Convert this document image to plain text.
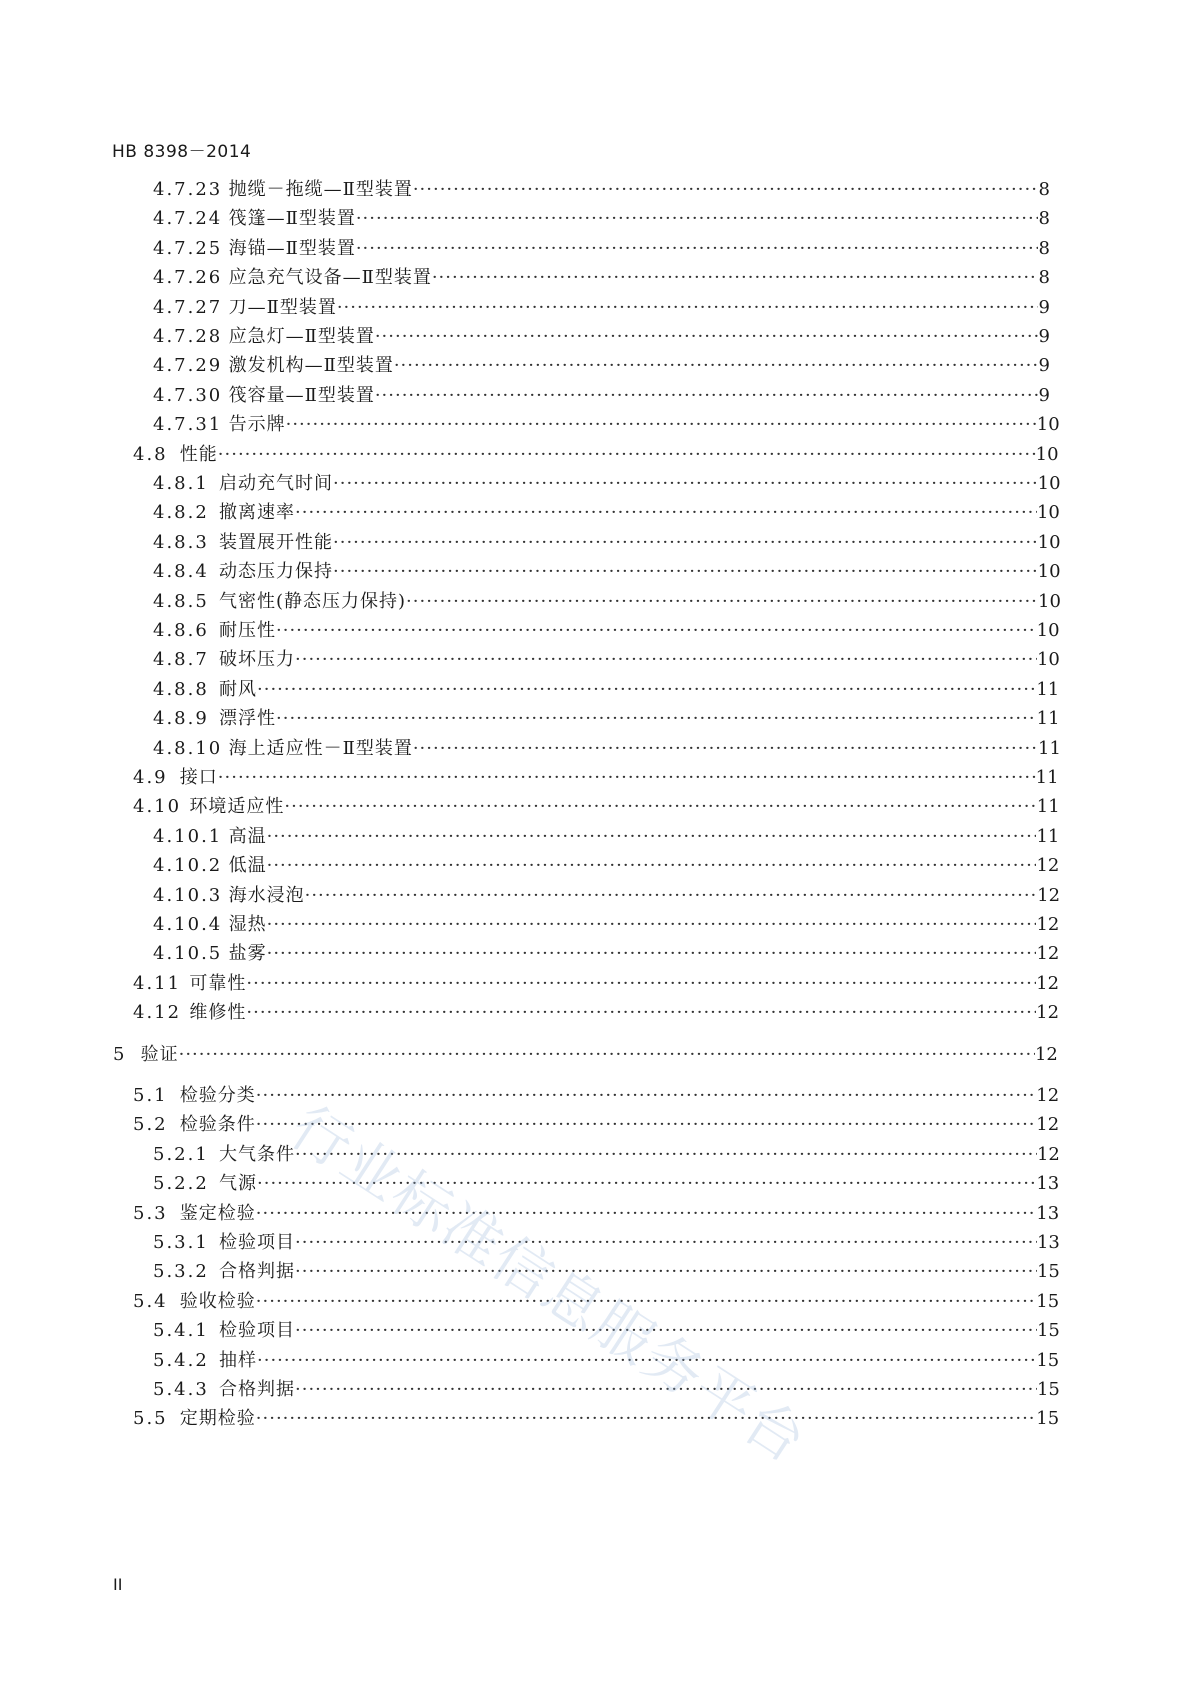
HB 8398－2014
4.7.23 抛缆－拖缆—Ⅱ型装置 ·····	8
4.7.24 筏篷—Ⅱ型装置 ·····	8
4.7.25 海锚—Ⅱ型装置 ·····	8
4.7.26 应急充气设备—Ⅱ型装置 ·····	8
4.7.27 刀—Ⅱ型装置 ·····	9
4.7.28 应急灯—Ⅱ型装置 ·····	9
4.7.29 激发机构—Ⅱ型装置 ·····	9
4.7.30 筏容量—Ⅱ型装置 ·····	9
4.7.31 告示牌 ·····	10
4.8 性能 ·····	10
4.8.1 启动充气时间 ·····	10
4.8.2 撤离速率 ·····	10
4.8.3 装置展开性能 ·····	10
4.8.4 动态压力保持 ·····	10
4.8.5 气密性(静态压力保持) ·····	10
4.8.6 耐压性 ·····	10
4.8.7 破坏压力 ·····	10
4.8.8 耐风 ·····	11
4.8.9 漂浮性 ·····	11
4.8.10 海上适应性－Ⅱ型装置 ·····	11
4.9 接口 ·····	11
4.10 环境适应性 ·····	11
4.10.1 高温 ·····	11
4.10.2 低温 ·····	12
4.10.3 海水浸泡 ·····	12
4.10.4 湿热 ·····	12
4.10.5 盐雾 ·····	12
4.11 可靠性 ·····	12
4.12 维修性 ·····	12
5 验证 ·····	12
5.1 检验分类 ·····	12
5.2 检验条件 ·····	12
5.2.1 大气条件 ·····	12
5.2.2 气源 ·····	13
5.3 鉴定检验 ·····	13
5.3.1 检验项目 ·····	13
5.3.2 合格判据 ·····	15
5.4 验收检验 ·····	15
5.4.1 检验项目 ·····	15
5.4.2 抽样 ·····	15
5.4.3 合格判据 ·····	15
5.5 定期检验 ·····	15
II
行业标准信息服务平台
